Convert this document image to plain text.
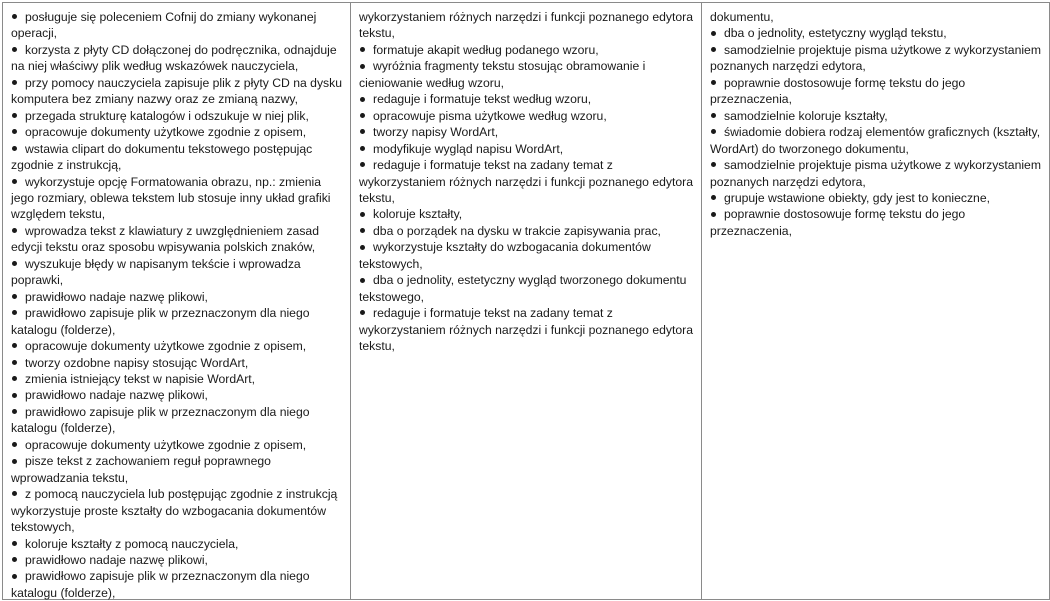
posługuje się poleceniem Cofnij do zmiany wykonanej
operacji,
korzysta z płyty CD dołączonej do podręcznika, odnajduje
na niej właściwy plik według wskazówek nauczyciela,
przy pomocy nauczyciela zapisuje plik z płyty CD na dysku
komputera bez zmiany nazwy oraz ze zmianą nazwy,
przegada strukturę katalogów i odszukuje w niej plik,
opracowuje dokumenty użytkowe zgodnie z opisem,
wstawia clipart do dokumentu tekstowego postępując
zgodnie z instrukcją,
wykorzystuje opcję Formatowania obrazu, np.: zmienia
jego rozmiary, oblewa tekstem lub stosuje inny układ grafiki
względem tekstu,
wprowadza tekst z klawiatury z uwzględnieniem zasad
edycji tekstu oraz sposobu wpisywania polskich znaków,
wyszukuje błędy w napisanym tekście i wprowadza
poprawki,
prawidłowo nadaje nazwę plikowi,
prawidłowo zapisuje plik w przeznaczonym dla niego
katalogu (folderze),
opracowuje dokumenty użytkowe zgodnie z opisem,
tworzy ozdobne napisy stosując WordArt,
zmienia istniejący tekst w napisie WordArt,
prawidłowo nadaje nazwę plikowi,
prawidłowo zapisuje plik w przeznaczonym dla niego
katalogu (folderze),
opracowuje dokumenty użytkowe zgodnie z opisem,
pisze tekst z zachowaniem reguł poprawnego
wprowadzania tekstu,
z pomocą nauczyciela lub postępując zgodnie z instrukcją
wykorzystuje proste kształty do wzbogacania dokumentów
tekstowych,
koloruje kształty z pomocą nauczyciela,
prawidłowo nadaje nazwę plikowi,
prawidłowo zapisuje plik w przeznaczonym dla niego
katalogu (folderze),

wykorzystaniem różnych narzędzi i funkcji poznanego edytora
tekstu,
formatuje akapit według podanego wzoru,
wyróżnia fragmenty tekstu stosując obramowanie i
cieniowanie według wzoru,
redaguje i formatuje tekst według wzoru,
opracowuje pisma użytkowe według wzoru,
tworzy napisy WordArt,
modyfikuje wygląd napisu WordArt,
redaguje i formatuje tekst na zadany temat z
wykorzystaniem różnych narzędzi i funkcji poznanego edytora
tekstu,
koloruje kształty,
dba o porządek na dysku w trakcie zapisywania prac,
wykorzystuje kształty do wzbogacania dokumentów
tekstowych,
dba o jednolity, estetyczny wygląd tworzonego dokumentu
tekstowego,
redaguje i formatuje tekst na zadany temat z
wykorzystaniem różnych narzędzi i funkcji poznanego edytora
tekstu,

dokumentu,
dba o jednolity, estetyczny wygląd tekstu,
samodzielnie projektuje pisma użytkowe z wykorzystaniem
poznanych narzędzi edytora,
poprawnie dostosowuje formę tekstu do jego
przeznaczenia,
samodzielnie koloruje kształty,
świadomie dobiera rodzaj elementów graficznych (kształty,
WordArt) do tworzonego dokumentu,
samodzielnie projektuje pisma użytkowe z wykorzystaniem
poznanych narzędzi edytora,
grupuje wstawione obiekty, gdy jest to konieczne,
poprawnie dostosowuje formę tekstu do jego
przeznaczenia,
